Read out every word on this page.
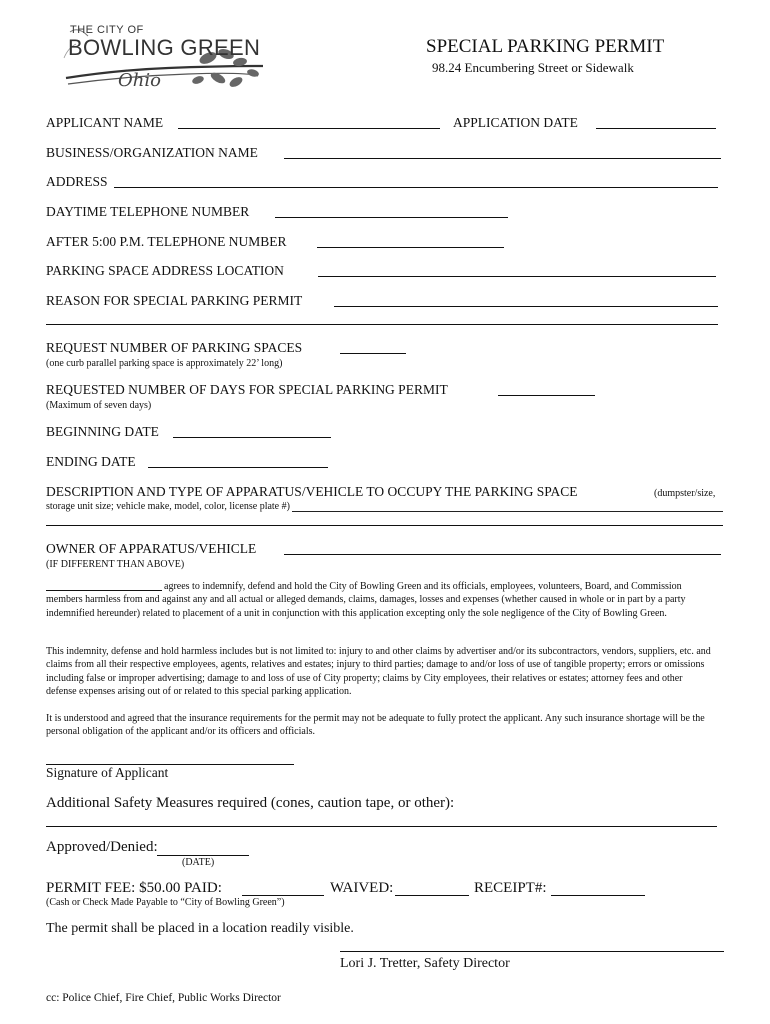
THE CITY OF
BOWLING GREEN
Ohio
SPECIAL PARKING PERMIT
98.24 Encumbering Street or Sidewalk
APPLICANT NAME	APPLICATION DATE
BUSINESS/ORGANIZATION NAME
ADDRESS
DAYTIME TELEPHONE NUMBER
AFTER 5:00 P.M. TELEPHONE NUMBER
PARKING SPACE ADDRESS LOCATION
REASON FOR SPECIAL PARKING PERMIT
REQUEST NUMBER OF PARKING SPACES
(one curb parallel parking space is approximately 22’ long)
REQUESTED NUMBER OF DAYS FOR SPECIAL PARKING PERMIT
(Maximum of seven days)
BEGINNING DATE
ENDING DATE
DESCRIPTION AND TYPE OF APPARATUS/VEHICLE TO OCCUPY THE PARKING SPACE	(dumpster/size,
storage unit size; vehicle make, model, color, license plate #)
OWNER OF APPARATUS/VEHICLE
(IF DIFFERENT THAN ABOVE)
agrees to indemnify, defend and hold the City of Bowling Green and its officials, employees, volunteers, Board, and Commission members harmless from and against any and all actual or alleged demands, claims, damages, losses and expenses (whether caused in whole or in part by a party indemnified hereunder) related to placement of a unit in conjunction with this application excepting only the sole negligence of the City of Bowling Green.
This indemnity, defense and hold harmless includes but is not limited to: injury to and other claims by advertiser and/or its subcontractors, vendors, suppliers, etc. and claims from all their respective employees, agents, relatives and estates; injury to third parties; damage to and/or loss of use of tangible property; errors or omissions including false or improper advertising; damage to and loss of use of City property; claims by City employees, their relatives or estates; attorney fees and other defense expenses arising out of or related to this special parking application.
It is understood and agreed that the insurance requirements for the permit may not be adequate to fully protect the applicant. Any such insurance shortage will be the personal obligation of the applicant and/or its officers and officials.
Signature of Applicant
Additional Safety Measures required (cones, caution tape, or other):
Approved/Denied:
(DATE)
PERMIT FEE: $50.00 PAID:	WAIVED:	RECEIPT#:
(Cash or Check Made Payable to “City of Bowling Green”)
The permit shall be placed in a location readily visible.
Lori J. Tretter, Safety Director
cc: Police Chief, Fire Chief, Public Works Director
